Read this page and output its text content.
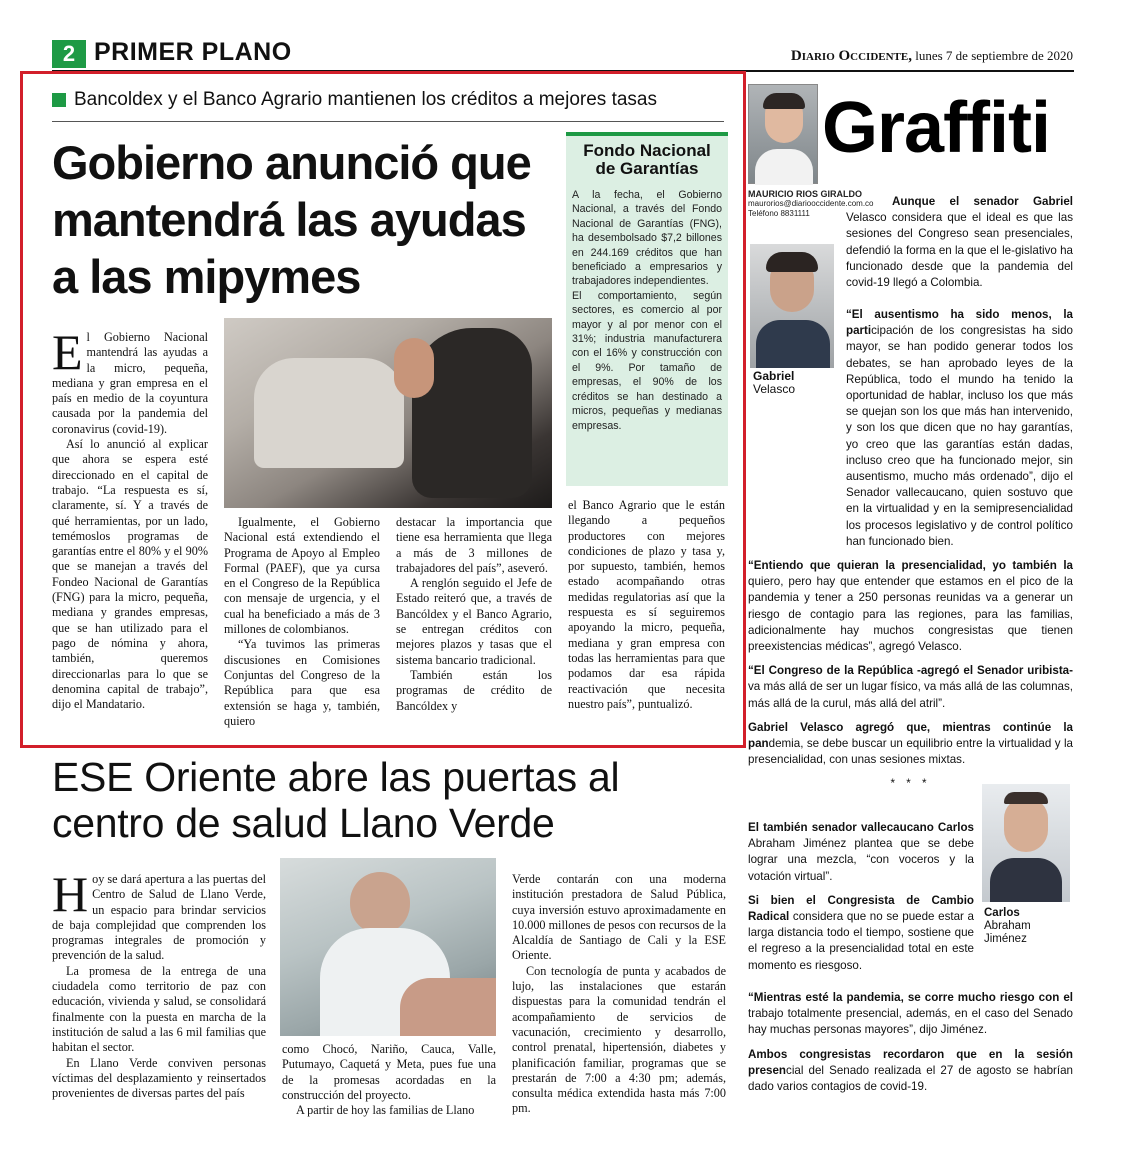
2 PRIMER PLANO	Diario Occidente, lunes 7 de septiembre de 2020
Bancoldex y el Banco Agrario mantienen los créditos a mejores tasas
Gobierno anunció que mantendrá las ayudas a las mipymes
Fondo Nacional de Garantías

A la fecha, el Gobierno Nacional, a través del Fondo Nacional de Garantías (FNG), ha desembolsado $7,2 billones en 244.169 créditos que han beneficiado a empresarios y trabajadores independientes.

El comportamiento, según sectores, es comercio al por mayor y al por menor con el 31%; industria manufacturera con el 16% y construcción con el 9%. Por tamaño de empresas, el 90% de los créditos se han destinado a micros, pequeñas y medianas empresas.

El Gobierno Nacional mantendrá las ayudas a la micro, pequeña, mediana y gran empresa en el país en medio de la coyuntura causada por la pandemia del coronavirus (covid-19).

Así lo anunció al explicar que ahora se espera esté direccionado en el capital de trabajo. “La respuesta es sí, claramente, sí. Y a través de qué herramientas, por un lado, temémoslos programas de garantías entre el 80% y el 90% que se manejan a través del Fondeo Nacional de Garantías (FNG) para la micro, pequeña, mediana y grandes empresas, que se han utilizado para el pago de nómina y ahora, también, queremos direccionarlas para lo que se denomina capital de trabajo”, dijo el Mandatario.

Igualmente, el Gobierno Nacional está extendiendo el Programa de Apoyo al Empleo Formal (PAEF), que ya cursa en el Congreso de la República con mensaje de urgencia, y el cual ha beneficiado a más de 3 millones de colombianos.

“Ya tuvimos las primeras discusiones en Comisiones Conjuntas del Congreso de la República para que esa extensión se haga y, también, quiero

destacar la importancia que tiene esa herramienta que llega a más de 3 millones de trabajadores del país”, aseveró.

A renglón seguido el Jefe de Estado reiteró que, a través de Bancóldex y el Banco Agrario, se entregan créditos con mejores plazos y tasas que el sistema bancario tradicional.

También están los programas de crédito de Bancóldex y

el Banco Agrario que le están llegando a pequeños productores con mejores condiciones de plazo y tasa y, por supuesto, también, hemos estado acompañando otras medidas regulatorias así que la respuesta es sí seguiremos apoyando la micro, pequeña, mediana y gran empresa con todas las herramientas para que podamos dar esa rápida reactivación que necesita nuestro país”, puntualizó.

ESE Oriente abre las puertas al centro de salud Llano Verde

Hoy se dará apertura a las puertas del Centro de Salud de Llano Verde, un espacio para brindar servicios de baja complejidad que comprenden los programas integrales de promoción y prevención de la salud.

La promesa de la entrega de una ciudadela como territorio de paz con educación, vivienda y salud, se consolidará finalmente con la puesta en marcha de la institución de salud a las 6 mil familias que habitan el sector.

En Llano Verde conviven personas víctimas del desplazamiento y reinsertados provenientes de diversas partes del país

como Chocó, Nariño, Cauca, Valle, Putumayo, Caquetá y Meta, pues fue una de la promesas acordadas en la construcción del proyecto.

A partir de hoy las familias de Llano

Verde contarán con una moderna institución prestadora de Salud Pública, cuya inversión estuvo aproximadamente en 10.000 millones de pesos con recursos de la Alcaldía de Santiago de Cali y la ESE Oriente.

Con tecnología de punta y acabados de lujo, las instalaciones que estarán dispuestas para la comunidad tendrán el acompañamiento de servicios de vacunación, crecimiento y desarrollo, control prenatal, hipertensión, diabetes y planificación familiar, programas que se prestarán de 7:00 a 4:30 pm; además, consulta médica extendida hasta más 7:00 pm.

Graffiti
MAURICIO RIOS GIRALDO
maurorios@diariooccidente.com.co
Teléfono 8831111
Gabriel
Velasco

Aunque el senador Gabriel Velasco considera que el ideal es que las sesiones del Congreso sean presenciales, defendió la forma en la que el le-gislativo ha funcionado desde que la pandemia del covid-19 llegó a Colombia.

“El ausentismo ha sido menos, la participación de los congresistas ha sido mayor, se han podido generar todos los debates, se han aprobado leyes de la República, todo el mundo ha tenido la oportunidad de hablar, incluso los que más se quejan son los que más han intervenido, y son los que dicen que no hay garantías, yo creo que las garantías están dadas, incluso creo que ha funcionado mejor, sin ausentismo, mucho más ordenado”, dijo el Senador vallecaucano, quien sostuvo que en la virtualidad y en la semipresencialidad los procesos legislativo y de control político han funcionado bien.

“Entiendo que quieran la presencialidad, yo también la quiero, pero hay que entender que estamos en el pico de la pandemia y tener a 250 personas reunidas va a generar un riesgo de contagio para las regiones, para las familias, adicionalmente hay muchos congresistas que tienen preexistencias médicas”, agregó Velasco.

“El Congreso de la República -agregó el Senador uribista- va más allá de ser un lugar físico, va más allá de las columnas, más allá de la curul, más allá del atril”.

Gabriel Velasco agregó que, mientras continúe la pandemia, se debe buscar un equilibrio entre la virtualidad y la presencialidad, con unas sesiones mixtas.

* * *
Carlos
Abraham
Jiménez

El también senador vallecaucano Carlos Abraham Jiménez plantea que se debe lograr una mezcla, “con voceros y la votación virtual”.

Si bien el Congresista de Cambio Radical considera que no se puede estar a larga distancia todo el tiempo, sostiene que el regreso a la presencialidad total en este momento es riesgoso.

“Mientras esté la pandemia, se corre mucho riesgo con el trabajo totalmente presencial, además, en el caso del Senado hay muchas personas mayores”, dijo Jiménez.

Ambos congresistas recordaron que en la sesión presencial del Senado realizada el 27 de agosto se habrían dado varios contagios de covid-19.
